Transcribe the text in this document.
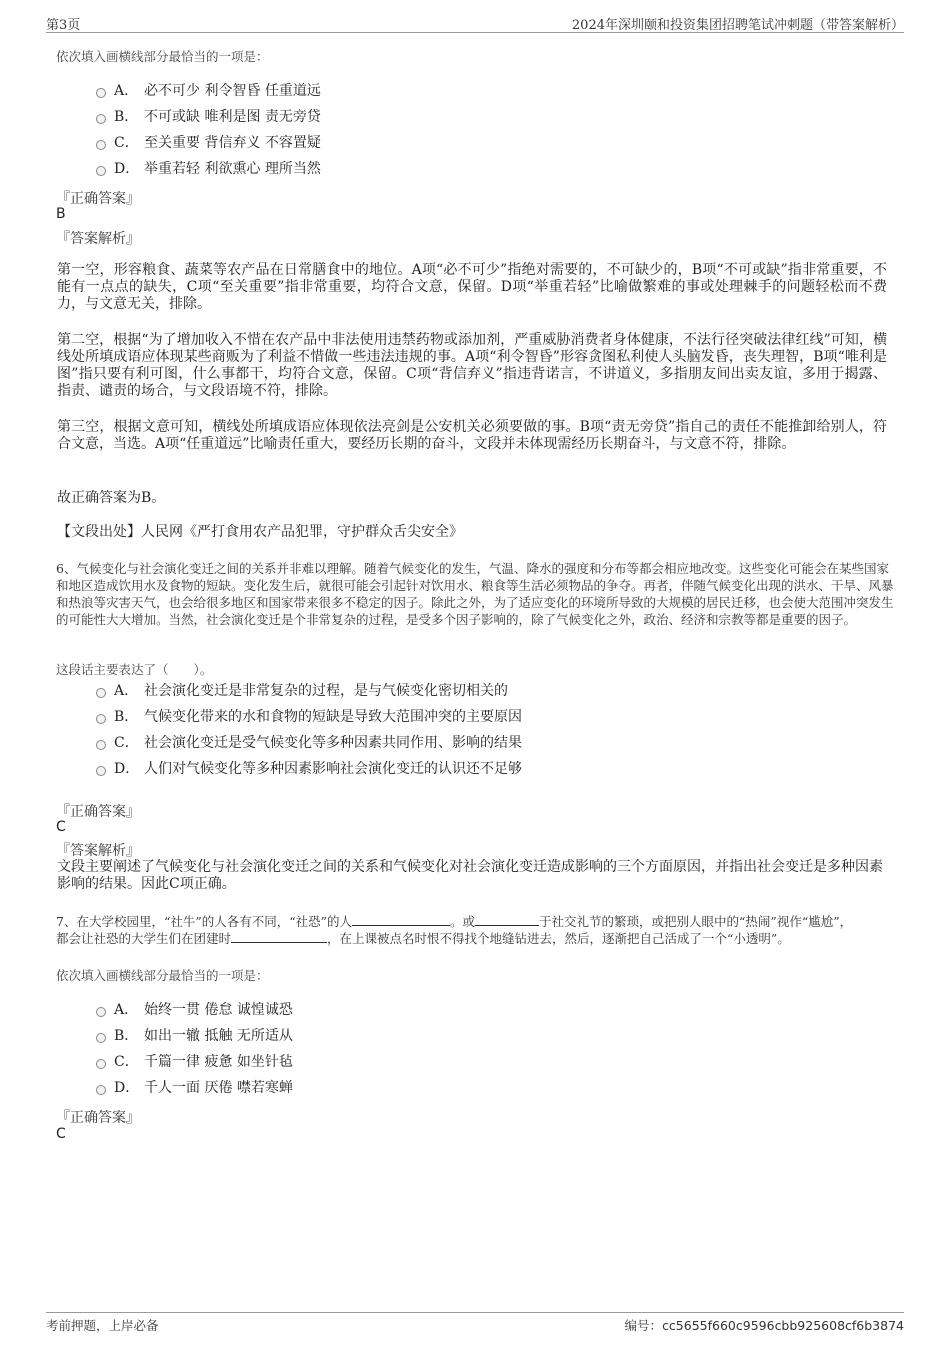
第3页	2024年深圳颐和投资集团招聘笔试冲刺题（带答案解析）
依次填入画横线部分最恰当的一项是：
A． 必不可少 利令智昏 任重道远
B． 不可或缺 唯利是图 责无旁贷
C． 至关重要 背信弃义 不容置疑
D． 举重若轻 利欲熏心 理所当然
『正确答案』
B
『答案解析』
第一空，形容粮食、蔬菜等农产品在日常膳食中的地位。A项“必不可少”指绝对需要的，不可缺少的，B项“不可或缺”指非常重要，不能有一点点的缺失，C项“至关重要”指非常重要，均符合文意，保留。D项“举重若轻”比喻做繁难的事或处理棘手的问题轻松而不费力，与文意无关，排除。
第二空，根据“为了增加收入不惜在农产品中非法使用违禁药物或添加剂，严重威胁消费者身体健康，不法行径突破法律红线”可知，横线处所填成语应体现某些商贩为了利益不惜做一些违法违规的事。A项“利令智昏”形容贪图私利使人头脑发昏，丧失理智，B项“唯利是图”指只要有利可图，什么事都干，均符合文意，保留。C项“背信弃义”指违背诺言，不讲道义，多指朋友间出卖友谊，多用于揭露、指责、谴责的场合，与文段语境不符，排除。
第三空，根据文意可知，横线处所填成语应体现依法亮剑是公安机关必须要做的事。B项“责无旁贷”指自己的责任不能推卸给别人，符合文意，当选。A项“任重道远”比喻责任重大，要经历长期的奋斗，文段并未体现需经历长期奋斗，与文意不符，排除。
故正确答案为B。
【文段出处】人民网《严打食用农产品犯罪，守护群众舌尖安全》
6、气候变化与社会演化变迁之间的关系并非难以理解。随着气候变化的发生，气温、降水的强度和分布等都会相应地改变。这些变化可能会在某些国家和地区造成饮用水及食物的短缺。变化发生后，就很可能会引起针对饮用水、粮食等生活必须物品的争夺。再者，伴随气候变化出现的洪水、干旱、风暴和热浪等灾害天气，也会给很多地区和国家带来很多不稳定的因子。除此之外，为了适应变化的环境所导致的大规模的居民迁移，也会使大范围冲突发生的可能性大大增加。当然，社会演化变迁是个非常复杂的过程，是受多个因子影响的，除了气候变化之外，政治、经济和宗教等都是重要的因子。
这段话主要表达了（　　）。
A． 社会演化变迁是非常复杂的过程，是与气候变化密切相关的
B． 气候变化带来的水和食物的短缺是导致大范围冲突的主要原因
C． 社会演化变迁是受气候变化等多种因素共同作用、影响的结果
D． 人们对气候变化等多种因素影响社会演化变迁的认识还不足够
『正确答案』
C
『答案解析』
文段主要阐述了气候变化与社会演化变迁之间的关系和气候变化对社会演化变迁造成影响的三个方面原因，并指出社会变迁是多种因素影响的结果。因此C项正确。
7、在大学校园里，“社牛”的人各有不同，“社恐”的人	。或	于社交礼节的繁琐，或把别人眼中的“热闹”视作“尴尬”，
都会让社恐的大学生们在团建时	，在上课被点名时恨不得找个地缝钻进去，然后，逐渐把自己活成了一个“小透明”。
依次填入画横线部分最恰当的一项是：
A． 始终一贯 倦怠 诚惶诚恐
B． 如出一辙 抵触 无所适从
C． 千篇一律 疲惫 如坐针毡
D． 千人一面 厌倦 噤若寒蝉
『正确答案』
C
考前押题，上岸必备	编号：cc5655f660c9596cbb925608cf6b3874
